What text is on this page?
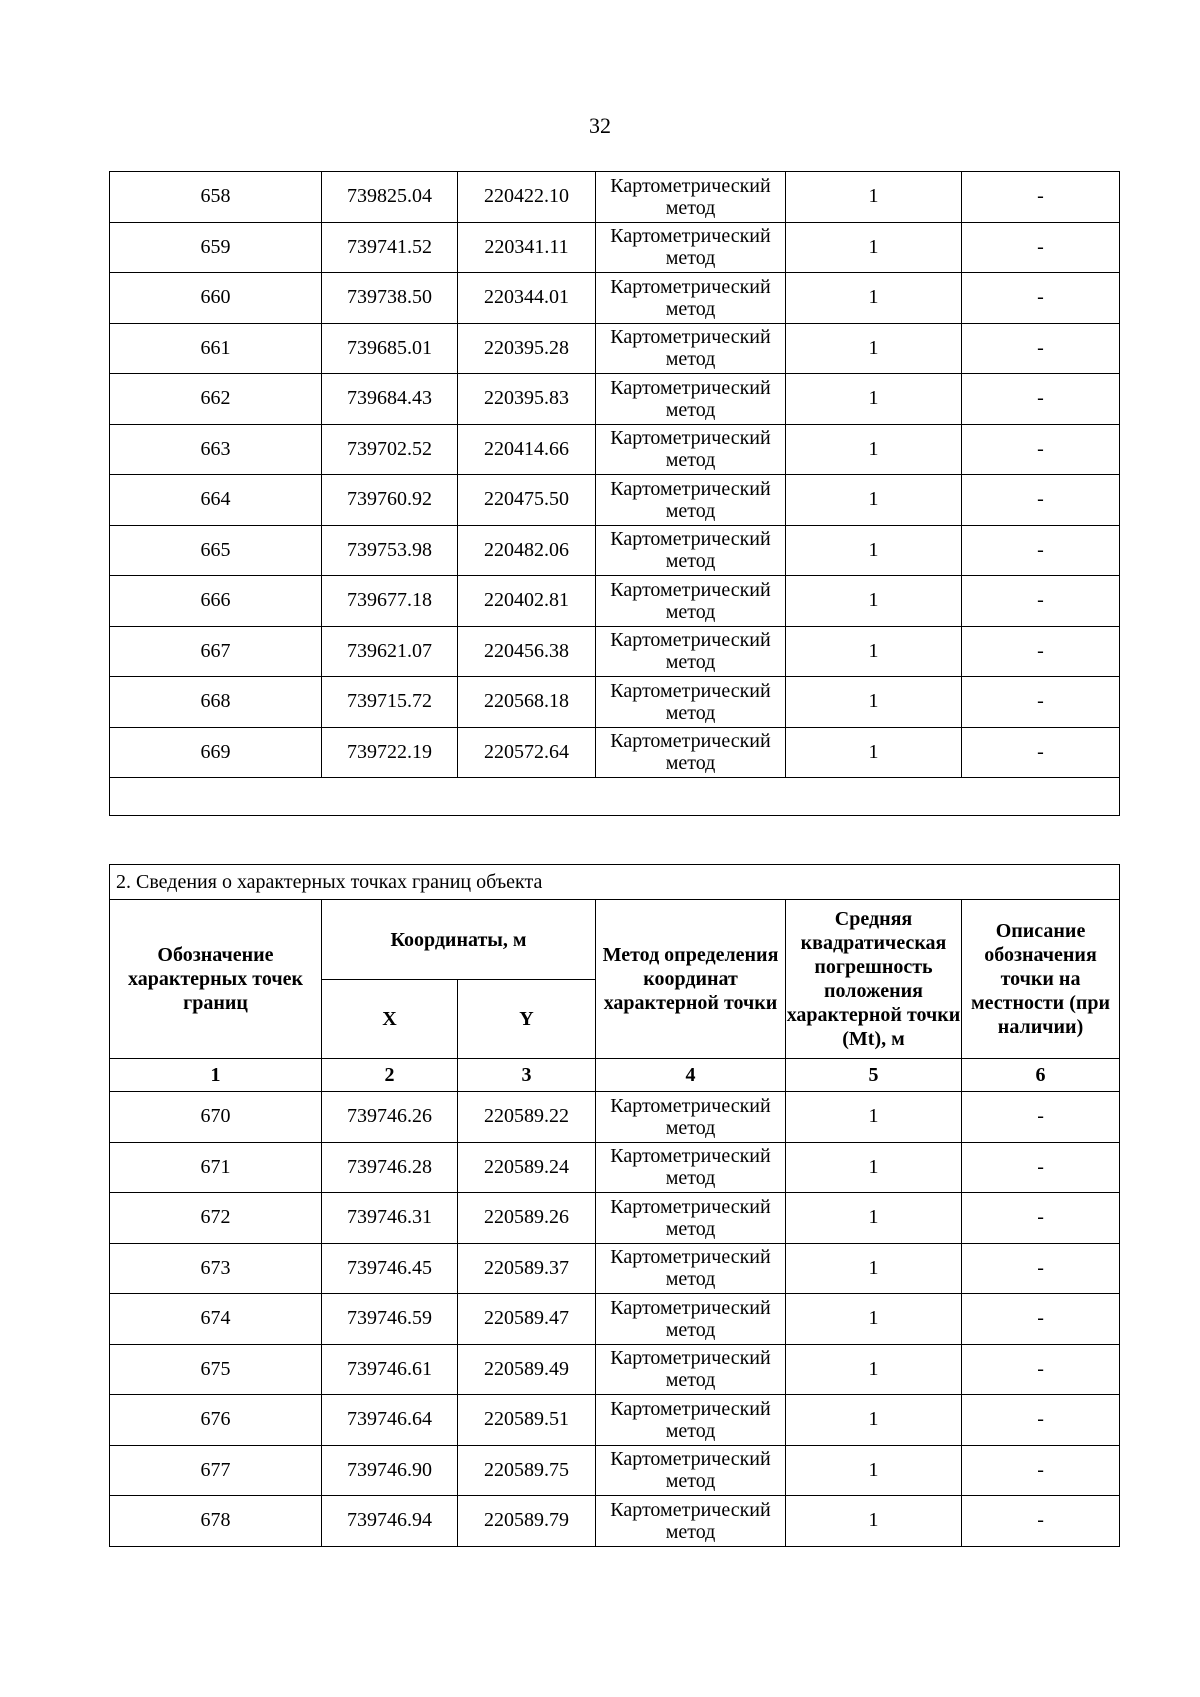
32
658	739825.04	220422.10	Картометрический метод	1	-
659	739741.52	220341.11	Картометрический метод	1	-
660	739738.50	220344.01	Картометрический метод	1	-
661	739685.01	220395.28	Картометрический метод	1	-
662	739684.43	220395.83	Картометрический метод	1	-
663	739702.52	220414.66	Картометрический метод	1	-
664	739760.92	220475.50	Картометрический метод	1	-
665	739753.98	220482.06	Картометрический метод	1	-
666	739677.18	220402.81	Картометрический метод	1	-
667	739621.07	220456.38	Картометрический метод	1	-
668	739715.72	220568.18	Картометрический метод	1	-
669	739722.19	220572.64	Картометрический метод	1	-

2. Сведения о характерных точках границ объекта					
Обозначение характерных точек границ	Координаты, м		Метод определения координат характерной точки	Средняя квадратическая погрешность положения характерной точки (Mt), м	Описание обозначения точки на местности (при наличии)
	X	Y			
1	2	3	4	5	6
670	739746.26	220589.22	Картометрический метод	1	-
671	739746.28	220589.24	Картометрический метод	1	-
672	739746.31	220589.26	Картометрический метод	1	-
673	739746.45	220589.37	Картометрический метод	1	-
674	739746.59	220589.47	Картометрический метод	1	-
675	739746.61	220589.49	Картометрический метод	1	-
676	739746.64	220589.51	Картометрический метод	1	-
677	739746.90	220589.75	Картометрический метод	1	-
678	739746.94	220589.79	Картометрический метод	1	-
